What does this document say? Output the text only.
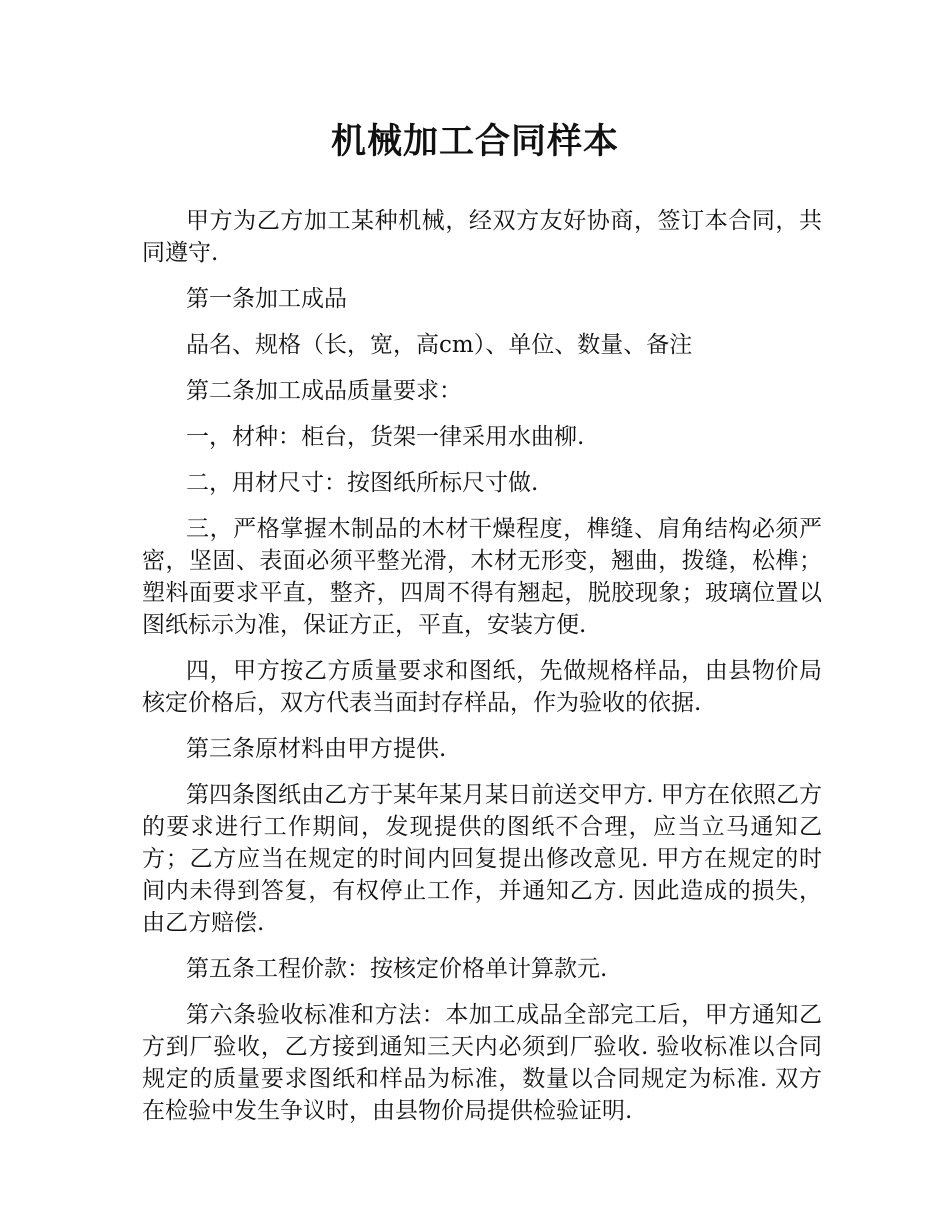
机械加工合同样本

甲方为乙方加工某种机械，经双方友好协商，签订本合同，共同遵守.

第一条加工成品

品名、规格（长，宽，高cm）、单位、数量、备注

第二条加工成品质量要求：

一，材种：柜台，货架一律采用水曲柳.

二，用材尺寸：按图纸所标尺寸做.

三，严格掌握木制品的木材干燥程度，榫缝、肩角结构必须严密，坚固、表面必须平整光滑，木材无形变，翘曲，拨缝，松榫；塑料面要求平直，整齐，四周不得有翘起，脱胶现象；玻璃位置以图纸标示为准，保证方正，平直，安装方便.

四，甲方按乙方质量要求和图纸，先做规格样品，由县物价局核定价格后，双方代表当面封存样品，作为验收的依据.

第三条原材料由甲方提供.

第四条图纸由乙方于某年某月某日前送交甲方. 甲方在依照乙方的要求进行工作期间，发现提供的图纸不合理，应当立马通知乙方；乙方应当在规定的时间内回复提出修改意见. 甲方在规定的时间内未得到答复，有权停止工作，并通知乙方. 因此造成的损失，由乙方赔偿.

第五条工程价款：按核定价格单计算款元.

第六条验收标准和方法：本加工成品全部完工后，甲方通知乙方到厂验收，乙方接到通知三天内必须到厂验收. 验收标准以合同规定的质量要求图纸和样品为标准，数量以合同规定为标准. 双方在检验中发生争议时，由县物价局提供检验证明.
